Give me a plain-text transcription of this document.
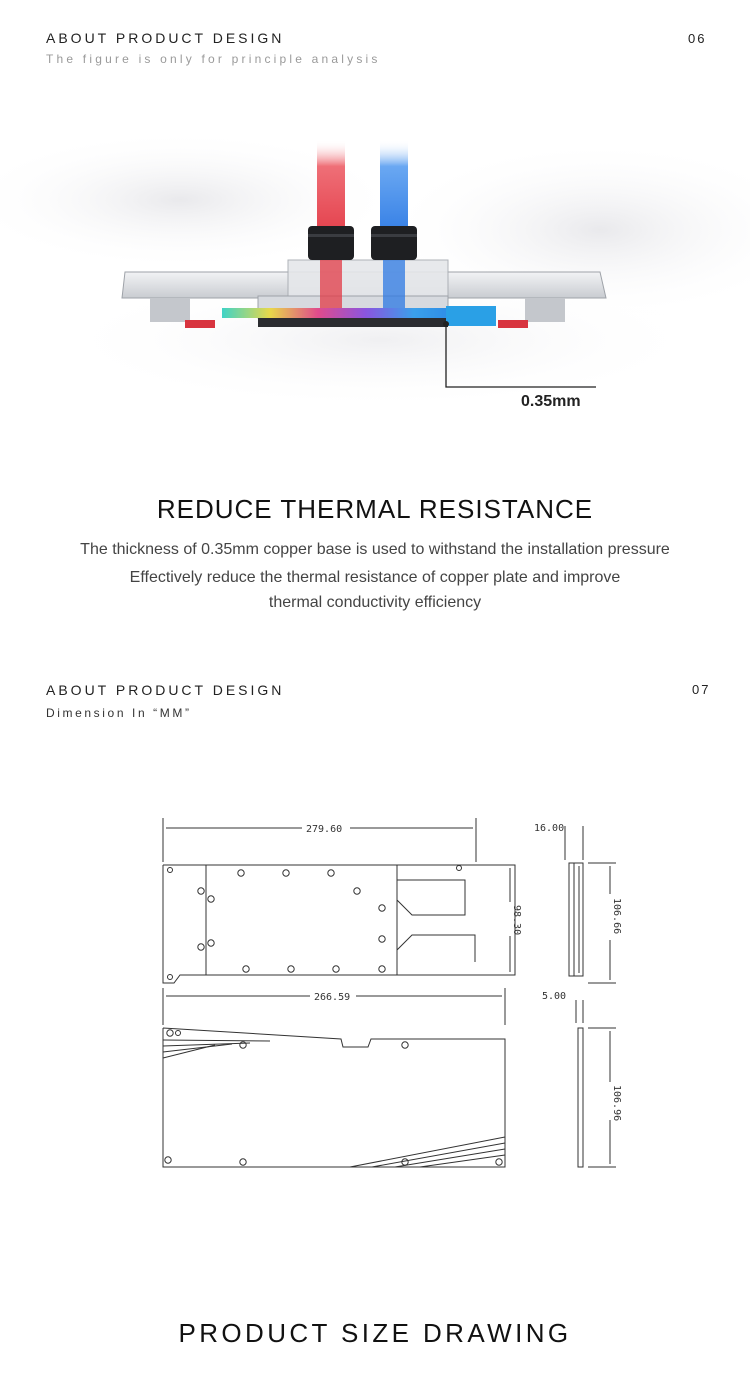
ABOUT PRODUCT DESIGN	06
The figure is only for principle analysis
0.35mm
REDUCE THERMAL RESISTANCE
The thickness of 0.35mm copper base is used to withstand the installation pressure
Effectively reduce the thermal resistance of copper plate and improve
thermal conductivity efficiency
ABOUT PRODUCT DESIGN	07
Dimension In “MM”
279.60
98.30
16.00
106.66
266.59	5.00
106.96
PRODUCT SIZE DRAWING
